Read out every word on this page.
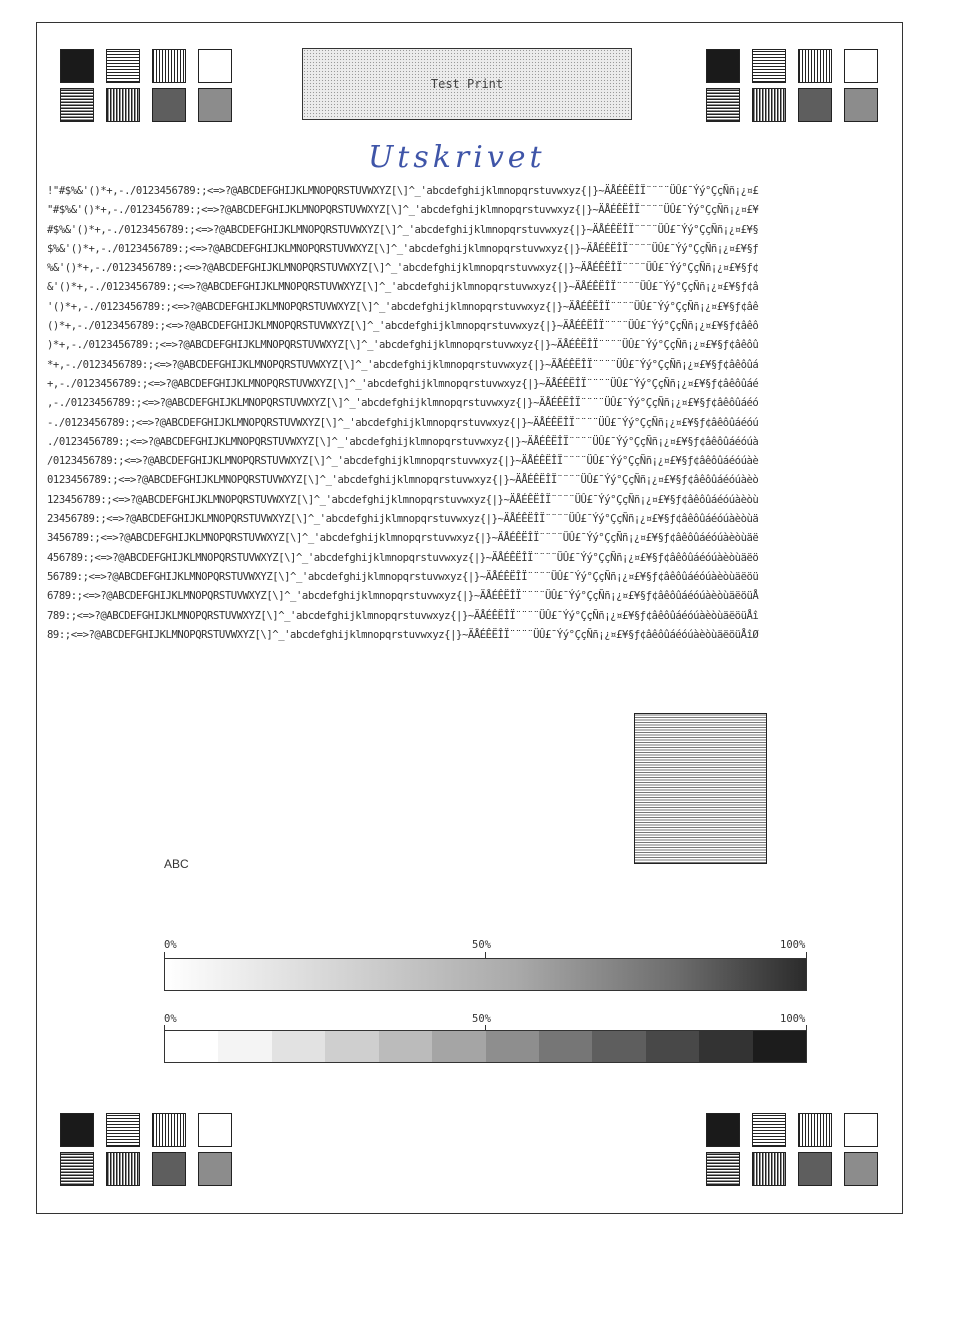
Test Print
Utskrivet
!"#$%&'()*+,-./0123456789:;<=>?@ABCDEFGHIJKLMNOPQRSTUVWXYZ[\]^_'abcdefghijklmnopqrstuvwxyz{|}~ÄÅÉÊËÎÏ¨¨¨¨ÜÛ£¯Ýý°ÇçÑñ¡¿¤£
"#$%&'()*+,-./0123456789:;<=>?@ABCDEFGHIJKLMNOPQRSTUVWXYZ[\]^_'abcdefghijklmnopqrstuvwxyz{|}~ÄÅÉÊËÎÏ¨¨¨¨ÜÛ£¯Ýý°ÇçÑñ¡¿¤£¥
#$%&'()*+,-./0123456789:;<=>?@ABCDEFGHIJKLMNOPQRSTUVWXYZ[\]^_'abcdefghijklmnopqrstuvwxyz{|}~ÄÅÉÊËÎÏ¨¨¨¨ÜÛ£¯Ýý°ÇçÑñ¡¿¤£¥§
$%&'()*+,-./0123456789:;<=>?@ABCDEFGHIJKLMNOPQRSTUVWXYZ[\]^_'abcdefghijklmnopqrstuvwxyz{|}~ÄÅÉÊËÎÏ¨¨¨¨ÜÛ£¯Ýý°ÇçÑñ¡¿¤£¥§ƒ
%&'()*+,-./0123456789:;<=>?@ABCDEFGHIJKLMNOPQRSTUVWXYZ[\]^_'abcdefghijklmnopqrstuvwxyz{|}~ÄÅÉÊËÎÏ¨¨¨¨ÜÛ£¯Ýý°ÇçÑñ¡¿¤£¥§ƒ¢
&'()*+,-./0123456789:;<=>?@ABCDEFGHIJKLMNOPQRSTUVWXYZ[\]^_'abcdefghijklmnopqrstuvwxyz{|}~ÄÅÉÊËÎÏ¨¨¨¨ÜÛ£¯Ýý°ÇçÑñ¡¿¤£¥§ƒ¢â
'()*+,-./0123456789:;<=>?@ABCDEFGHIJKLMNOPQRSTUVWXYZ[\]^_'abcdefghijklmnopqrstuvwxyz{|}~ÄÅÉÊËÎÏ¨¨¨¨ÜÛ£¯Ýý°ÇçÑñ¡¿¤£¥§ƒ¢âê
()*+,-./0123456789:;<=>?@ABCDEFGHIJKLMNOPQRSTUVWXYZ[\]^_'abcdefghijklmnopqrstuvwxyz{|}~ÄÅÉÊËÎÏ¨¨¨¨ÜÛ£¯Ýý°ÇçÑñ¡¿¤£¥§ƒ¢âêô
)*+,-./0123456789:;<=>?@ABCDEFGHIJKLMNOPQRSTUVWXYZ[\]^_'abcdefghijklmnopqrstuvwxyz{|}~ÄÅÉÊËÎÏ¨¨¨¨ÜÛ£¯Ýý°ÇçÑñ¡¿¤£¥§ƒ¢âêôû
*+,-./0123456789:;<=>?@ABCDEFGHIJKLMNOPQRSTUVWXYZ[\]^_'abcdefghijklmnopqrstuvwxyz{|}~ÄÅÉÊËÎÏ¨¨¨¨ÜÛ£¯Ýý°ÇçÑñ¡¿¤£¥§ƒ¢âêôûá
+,-./0123456789:;<=>?@ABCDEFGHIJKLMNOPQRSTUVWXYZ[\]^_'abcdefghijklmnopqrstuvwxyz{|}~ÄÅÉÊËÎÏ¨¨¨¨ÜÛ£¯Ýý°ÇçÑñ¡¿¤£¥§ƒ¢âêôûáé
,-./0123456789:;<=>?@ABCDEFGHIJKLMNOPQRSTUVWXYZ[\]^_'abcdefghijklmnopqrstuvwxyz{|}~ÄÅÉÊËÎÏ¨¨¨¨ÜÛ£¯Ýý°ÇçÑñ¡¿¤£¥§ƒ¢âêôûáéó
-./0123456789:;<=>?@ABCDEFGHIJKLMNOPQRSTUVWXYZ[\]^_'abcdefghijklmnopqrstuvwxyz{|}~ÄÅÉÊËÎÏ¨¨¨¨ÜÛ£¯Ýý°ÇçÑñ¡¿¤£¥§ƒ¢âêôûáéóú
./0123456789:;<=>?@ABCDEFGHIJKLMNOPQRSTUVWXYZ[\]^_'abcdefghijklmnopqrstuvwxyz{|}~ÄÅÉÊËÎÏ¨¨¨¨ÜÛ£¯Ýý°ÇçÑñ¡¿¤£¥§ƒ¢âêôûáéóúà
/0123456789:;<=>?@ABCDEFGHIJKLMNOPQRSTUVWXYZ[\]^_'abcdefghijklmnopqrstuvwxyz{|}~ÄÅÉÊËÎÏ¨¨¨¨ÜÛ£¯Ýý°ÇçÑñ¡¿¤£¥§ƒ¢âêôûáéóúàè
0123456789:;<=>?@ABCDEFGHIJKLMNOPQRSTUVWXYZ[\]^_'abcdefghijklmnopqrstuvwxyz{|}~ÄÅÉÊËÎÏ¨¨¨¨ÜÛ£¯Ýý°ÇçÑñ¡¿¤£¥§ƒ¢âêôûáéóúàèò
123456789:;<=>?@ABCDEFGHIJKLMNOPQRSTUVWXYZ[\]^_'abcdefghijklmnopqrstuvwxyz{|}~ÄÅÉÊËÎÏ¨¨¨¨ÜÛ£¯Ýý°ÇçÑñ¡¿¤£¥§ƒ¢âêôûáéóúàèòù
23456789:;<=>?@ABCDEFGHIJKLMNOPQRSTUVWXYZ[\]^_'abcdefghijklmnopqrstuvwxyz{|}~ÄÅÉÊËÎÏ¨¨¨¨ÜÛ£¯Ýý°ÇçÑñ¡¿¤£¥§ƒ¢âêôûáéóúàèòùä
3456789:;<=>?@ABCDEFGHIJKLMNOPQRSTUVWXYZ[\]^_'abcdefghijklmnopqrstuvwxyz{|}~ÄÅÉÊËÎÏ¨¨¨¨ÜÛ£¯Ýý°ÇçÑñ¡¿¤£¥§ƒ¢âêôûáéóúàèòùäë
456789:;<=>?@ABCDEFGHIJKLMNOPQRSTUVWXYZ[\]^_'abcdefghijklmnopqrstuvwxyz{|}~ÄÅÉÊËÎÏ¨¨¨¨ÜÛ£¯Ýý°ÇçÑñ¡¿¤£¥§ƒ¢âêôûáéóúàèòùäëö
56789:;<=>?@ABCDEFGHIJKLMNOPQRSTUVWXYZ[\]^_'abcdefghijklmnopqrstuvwxyz{|}~ÄÅÉÊËÎÏ¨¨¨¨ÜÛ£¯Ýý°ÇçÑñ¡¿¤£¥§ƒ¢âêôûáéóúàèòùäëöü
6789:;<=>?@ABCDEFGHIJKLMNOPQRSTUVWXYZ[\]^_'abcdefghijklmnopqrstuvwxyz{|}~ÄÅÉÊËÎÏ¨¨¨¨ÜÛ£¯Ýý°ÇçÑñ¡¿¤£¥§ƒ¢âêôûáéóúàèòùäëöüÅ
789:;<=>?@ABCDEFGHIJKLMNOPQRSTUVWXYZ[\]^_'abcdefghijklmnopqrstuvwxyz{|}~ÄÅÉÊËÎÏ¨¨¨¨ÜÛ£¯Ýý°ÇçÑñ¡¿¤£¥§ƒ¢âêôûáéóúàèòùäëöüÅî
89:;<=>?@ABCDEFGHIJKLMNOPQRSTUVWXYZ[\]^_'abcdefghijklmnopqrstuvwxyz{|}~ÄÅÉÊËÎÏ¨¨¨¨ÜÛ£¯Ýý°ÇçÑñ¡¿¤£¥§ƒ¢âêôûáéóúàèòùäëöüÅîØ
ABC
0%	50%	100%
0%	50%	100%
